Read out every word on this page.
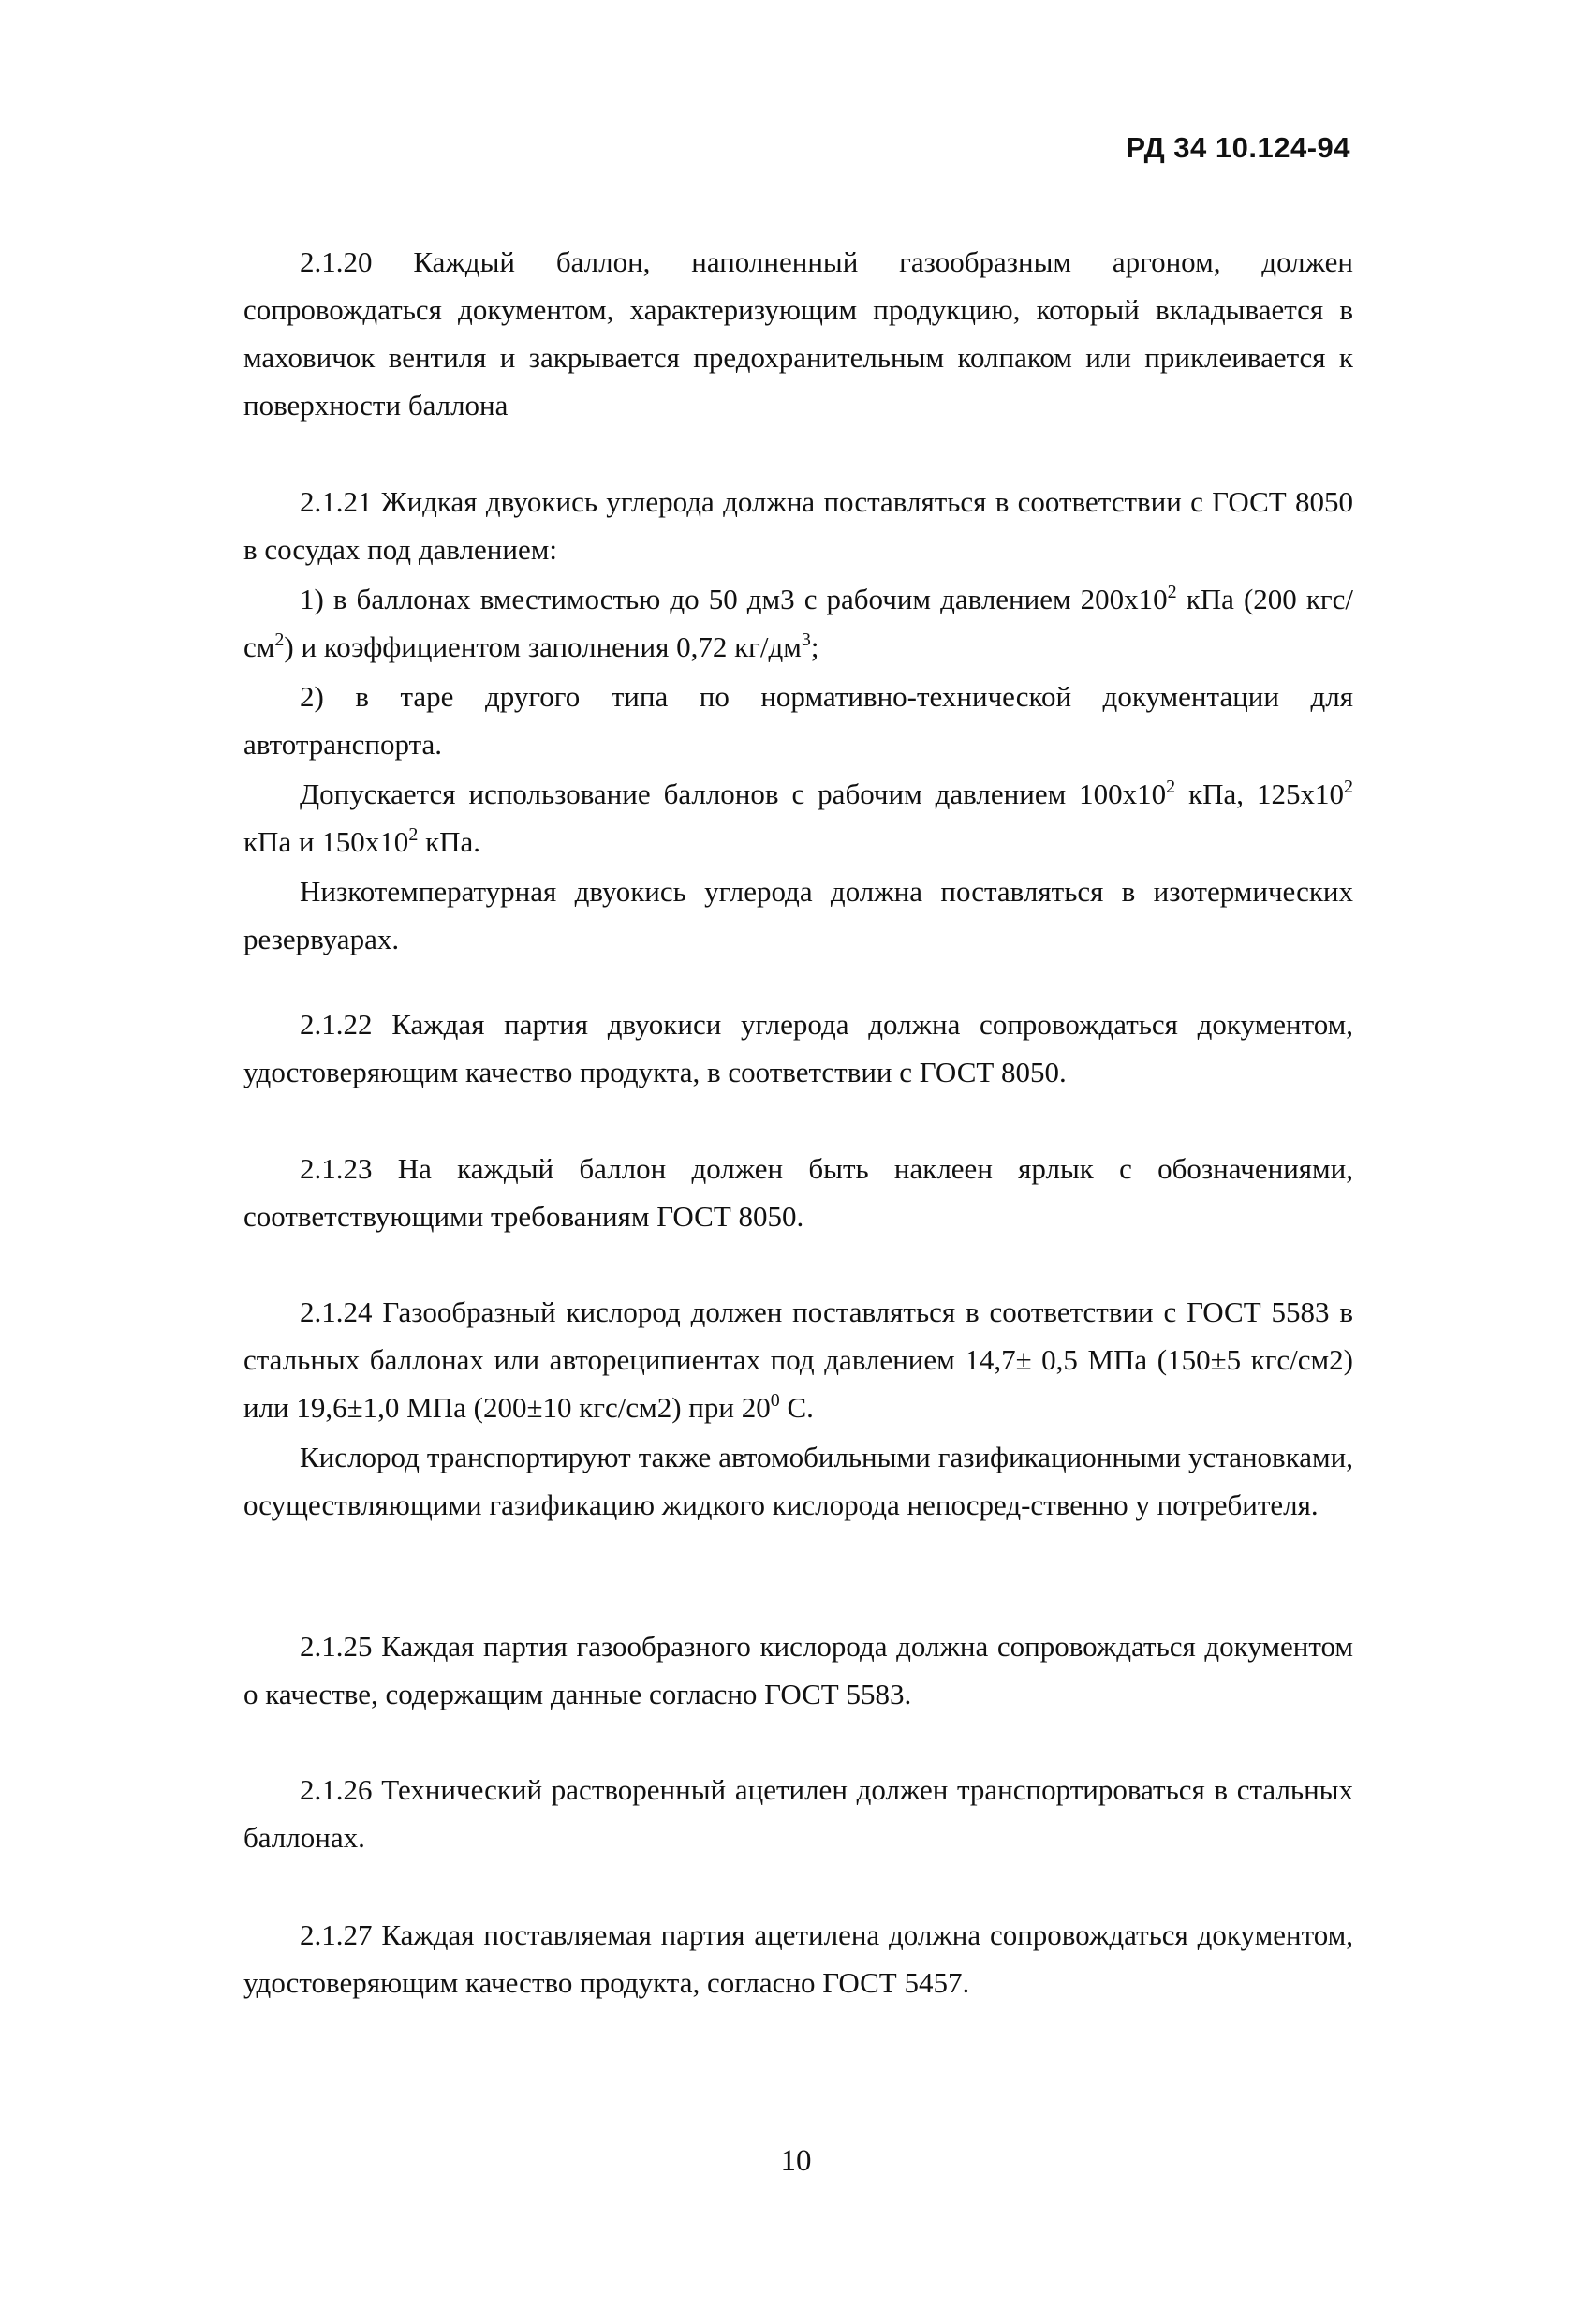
РД 34 10.124-94

2.1.20 Каждый баллон, наполненный газообразным аргоном, должен сопровождаться документом, характеризующим продукцию, который вкладывается в маховичок вентиля и закрывается предохранительным колпаком или приклеивается к поверхности баллона

2.1.21 Жидкая двуокись углерода должна поставляться в соответствии с ГОСТ 8050 в сосудах под давлением:

1) в баллонах вместимостью до 50 дм3 с рабочим давлением $200х10^2$ кПа (200 кгс/$см^2$) и коэффициентом заполнения 0,72 $кг/дм^3$;

2) в таре другого типа по нормативно-технической документации для автотранспорта.

Допускается использование баллонов с рабочим давлением $100х10^2$ кПа, $125х10^2$ кПа и $150х10^2$ кПа.

Низкотемпературная двуокись углерода должна поставляться в изотермических резервуарах.

2.1.22 Каждая партия двуокиси углерода должна сопровождаться документом, удостоверяющим качество продукта, в соответствии с ГОСТ 8050.

2.1.23 На каждый баллон должен быть наклеен ярлык с обозначениями, соответствующими требованиям ГОСТ 8050.

2.1.24 Газообразный кислород должен поставляться в соответствии с ГОСТ 5583 в стальных баллонах или автореципиентах под давлением 14,7± 0,5 МПа (150±5 кгс/см2) или 19,6±1,0 МПа (200±10 кгс/см2) при $20^0$ С.

Кислород транспортируют также автомобильными газификационными установками, осуществляющими газификацию жидкого кислорода непосред-ственно у потребителя.

2.1.25 Каждая партия газообразного кислорода должна сопровождаться документом о качестве, содержащим данные согласно ГОСТ 5583.

2.1.26 Технический растворенный ацетилен должен транспортироваться в стальных баллонах.

2.1.27 Каждая поставляемая партия ацетилена должна сопровождаться документом, удостоверяющим качество продукта, согласно ГОСТ 5457.

10
